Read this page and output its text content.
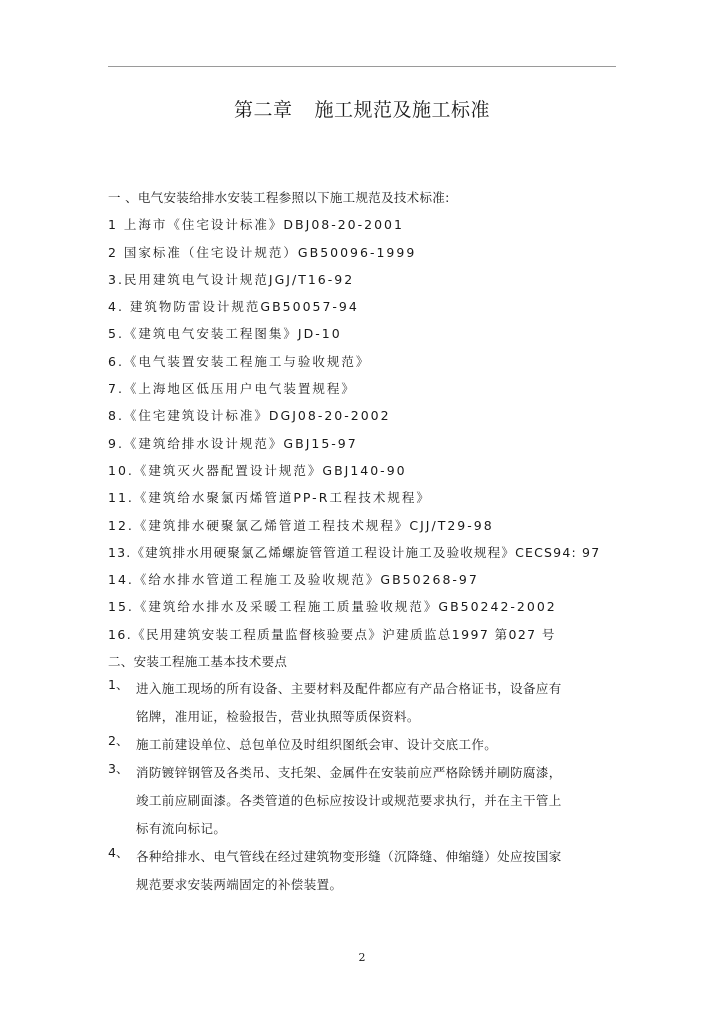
第二章 施工规范及施工标准
一 、电气安装给排水安装工程参照以下施工规范及技术标准:
1 上海市《住宅设计标准》DBJ08-20-2001
2 国家标准（住宅设计规范）GB50096-1999
3.民用建筑电气设计规范JGJ/T16-92
4. 建筑物防雷设计规范GB50057-94
5.《建筑电气安装工程图集》JD-10
6.《电气装置安装工程施工与验收规范》
7.《上海地区低压用户电气装置规程》
8.《住宅建筑设计标准》DGJ08-20-2002
9.《建筑给排水设计规范》GBJ15-97
10.《建筑灭火器配置设计规范》GBJ140-90
11.《建筑给水聚氯丙烯管道PP-R工程技术规程》
12.《建筑排水硬聚氯乙烯管道工程技术规程》CJJ/T29-98
13.《建筑排水用硬聚氯乙烯螺旋管管道工程设计施工及验收规程》CECS94: 97
14.《给水排水管道工程施工及验收规范》GB50268-97
15.《建筑给水排水及采暖工程施工质量验收规范》GB50242-2002
16.《民用建筑安装工程质量监督核验要点》沪建质监总1997 第027 号
二、安装工程施工基本技术要点
1、 进入施工现场的所有设备、主要材料及配件都应有产品合格证书，设备应有
铭牌，准用证，检验报告，营业执照等质保资料。
2、 施工前建设单位、总包单位及时组织图纸会审、设计交底工作。
3、 消防镀锌钢管及各类吊、支托架、金属件在安装前应严格除锈并刷防腐漆，
竣工前应刷面漆。各类管道的色标应按设计或规范要求执行，并在主干管上
标有流向标记。
4、 各种给排水、电气管线在经过建筑物变形缝（沉降缝、伸缩缝）处应按国家
规范要求安装两端固定的补偿装置。
2
